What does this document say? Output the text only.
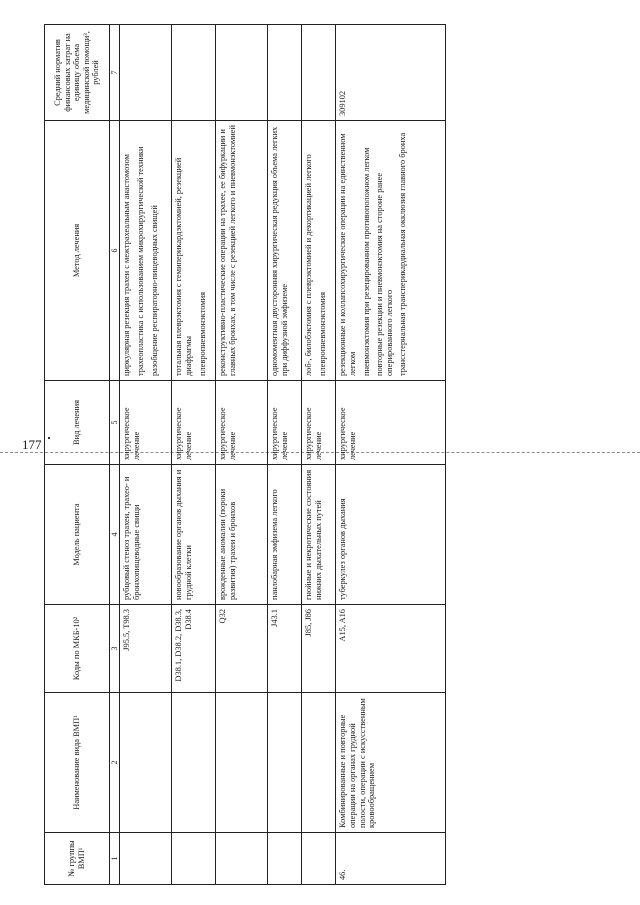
177
№ группы ВМП¹	Наименование вида ВМП¹	Коды по МКБ-10²	Модель пациента	Вид лечения	Метод лечения	Средний норматив финансовых затрат на единицу объема медицинской помощи³, рублей
1	2	3	4	5	6	7
		J95.5, T98.3	рубцовый стеноз трахеи, трахео- и бронхопищеводные свищи	хирургическое лечение	циркулярная резекция трахеи с межтрахеальным анастомозом трахеопластика с использованием микрохирургической техники разобщение респираторно-пищеводных свищей	

		D38.1, D38.2, D38.3, D38.4	новообразование органов дыхания и грудной клетки	хирургическое лечение	тотальная плеврэктомия с гемиперикардэктомией, резекцией диафрагмы плевропневмонэктомия	

		Q32	врожденные аномалии (пороки развития) трахеи и бронхов	хирургическое лечение	реконструктивно-пластические операции на трахее, ее бифуркации и главных бронхах, в том числе с резекцией легкого и пневмонэктомией	

		J43.1	панлобарная эмфизема легкого	хирургическое лечение	одномоментная двусторонняя хирургическая редукция объема легких при диффузной эмфиземе	

		J85, J86	гнойные и некротические состояния нижних дыхательных путей	хирургическое лечение	лоб-, билобэктомия с плеврэктомией и декортикацией легкого плевропневмонэктомия	

46.	Комбинированные и повторные операции на органах грудной полости, операции с искусственным кровообращением	A15, A16	туберкулез органов дыхания	хирургическое лечение	резекционные и коллапсохирургические операции на единственном легком пневмонэктомия при резецированном противоположном легком повторные резекции и пневмонэктомия на стороне ранее оперированного легкого трансстернальная трансперикардиальная окклюзия главного бронха	309102
